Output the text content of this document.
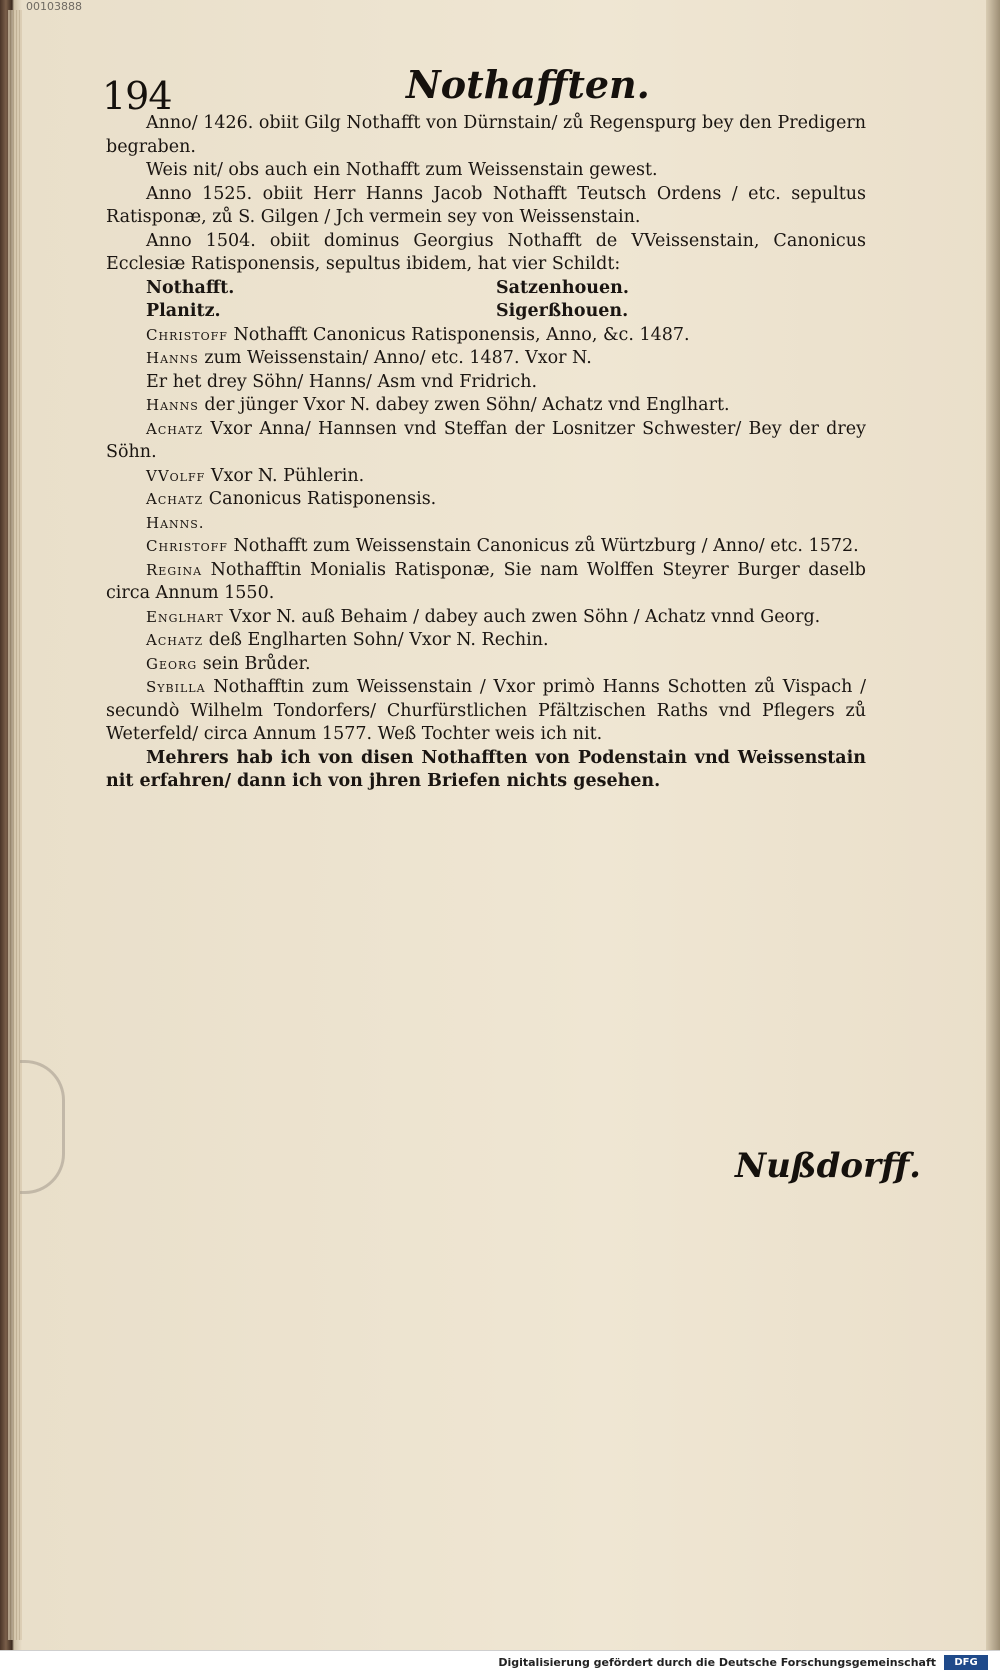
00103888
194	Nothafften.

Anno/ 1426. obiit Gilg Nothafft von Dürnstain/ zů Regenspurg bey den Predigern begraben.

Weis nit/ obs auch ein Nothafft zum Weissenstain gewest.

Anno 1525. obiit Herr Hanns Jacob Nothafft Teutsch Ordens / etc. sepultus Ratisponæ, zů S. Gilgen / Jch vermein sey von Weissenstain.

Anno 1504. obiit dominus Georgius Nothafft de VVeissenstain, Canonicus Ecclesiæ Ratisponensis, sepultus ibidem, hat vier Schildt:

Nothafft.	Satzenhouen.
Planitz.	Sigerßhouen.

Christoff Nothafft Canonicus Ratisponensis, Anno, &c. 1487.

Hanns zum Weissenstain/ Anno/ etc. 1487. Vxor N.

Er het drey Söhn/ Hanns/ Asm vnd Fridrich.

Hanns der jünger Vxor N. dabey zwen Söhn/ Achatz vnd Englhart.

Achatz Vxor Anna/ Hannsen vnd Steffan der Losnitzer Schwester/ Bey der drey Söhn.

VVolff Vxor N. Pühlerin.

Achatz Canonicus Ratisponensis.

Hanns.

Christoff Nothafft zum Weissenstain Canonicus zů Würtzburg / Anno/ etc. 1572.

Regina Nothafftin Monialis Ratisponæ, Sie nam Wolffen Steyrer Burger daselb circa Annum 1550.

Englhart Vxor N. auß Behaim / dabey auch zwen Söhn / Achatz vnnd Georg.

Achatz deß Englharten Sohn/ Vxor N. Rechin.

Georg sein Brůder.

Sybilla Nothafftin zum Weissenstain / Vxor primò Hanns Schotten zů Vispach / secundò Wilhelm Tondorfers/ Churfürstlichen Pfältzischen Raths vnd Pflegers zů Weterfeld/ circa Annum 1577. Weß Tochter weis ich nit.

Mehrers hab ich von disen Nothafften von Podenstain vnd Weissenstain nit erfahren/ dann ich von jhren Briefen nichts gesehen.

Nußdorff.
Digitalisierung gefördert durch die Deutsche Forschungsgemeinschaft	DFG
